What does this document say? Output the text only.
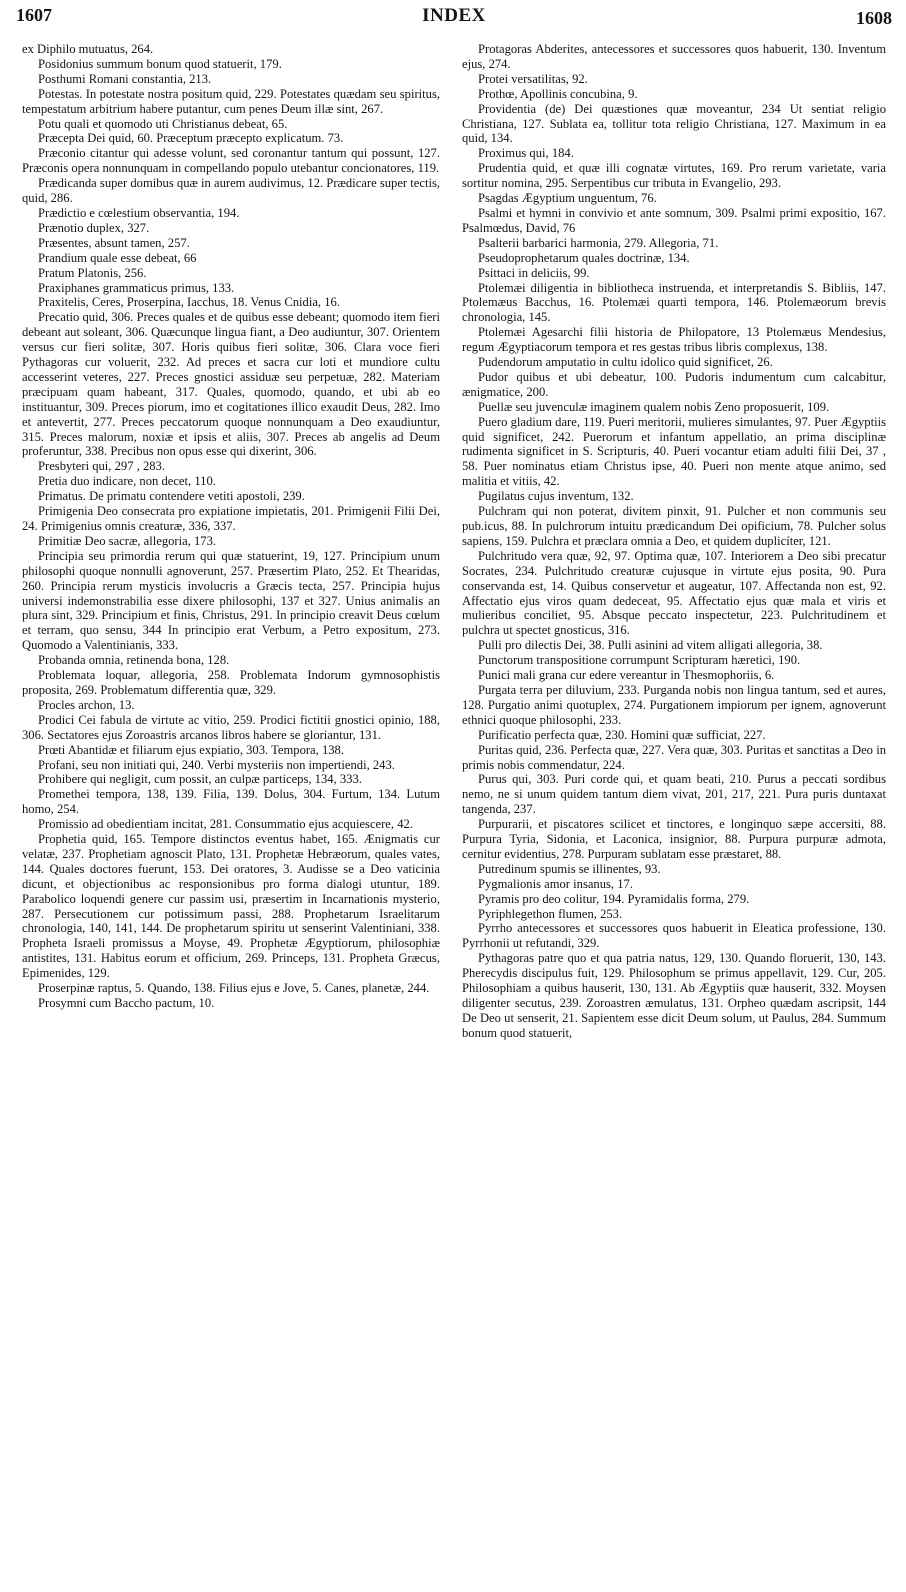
1607	INDEX	1608

ex Diphilo mutuatus, 264.

Posidonius summum bonum quod statuerit, 179.

Posthumi Romani constantia, 213.

Potestas. In potestate nostra positum quid, 229. Potestates quædam seu spiritus, tempestatum arbitrium habere putantur, cum penes Deum illæ sint, 267.

Potu quali et quomodo uti Christianus debeat, 65.

Præcepta Dei quid, 60. Præceptum præcepto explicatum. 73.

Præconio citantur qui adesse volunt, sed coronantur tantum qui possunt, 127. Præconis opera nonnunquam in compellando populo utebantur concionatores, 119.

Prædicanda super domibus quæ in aurem audivimus, 12. Prædicare super tectis, quid, 286.

Prædictio e cœlestium observantia, 194.

Prænotio duplex, 327.

Præsentes, absunt tamen, 257.

Prandium quale esse debeat, 66

Pratum Platonis, 256.

Praxiphanes grammaticus primus, 133.

Praxitelis, Ceres, Proserpina, Iacchus, 18. Venus Cnidia, 16.

Precatio quid, 306. Preces quales et de quibus esse debeant; quomodo item fieri debeant aut soleant, 306. Quæcunque lingua fiant, a Deo audiuntur, 307. Orientem versus cur fieri solitæ, 307. Horis quibus fieri solitæ, 306. Clara voce fieri Pythagoras cur voluerit, 232. Ad preces et sacra cur loti et mundiore cultu accesserint veteres, 227. Preces gnostici assiduæ seu perpetuæ, 282. Materiam præcipuam quam habeant, 317. Quales, quomodo, quando, et ubi ab eo instituantur, 309. Preces piorum, imo et cogitationes illico exaudit Deus, 282. Imo et antevertit, 277. Preces peccatorum quoque nonnunquam a Deo exaudiuntur, 315. Preces malorum, noxiæ et ipsis et aliis, 307. Preces ab angelis ad Deum proferuntur, 338. Precibus non opus esse qui dixerint, 306.

Presbyteri qui, 297 , 283.

Pretia duo indicare, non decet, 110.

Primatus. De primatu contendere vetiti apostoli, 239.

Primigenia Deo consecrata pro expiatione impietatis, 201. Primigenii Filii Dei, 24. Primigenius omnis creaturæ, 336, 337.

Primitiæ Deo sacræ, allegoria, 173.

Principia seu primordia rerum qui quæ statuerint, 19, 127. Principium unum philosophi quoque nonnulli agnoverunt, 257. Præsertim Plato, 252. Et Thearidas, 260. Principia rerum mysticis involucris a Græcis tecta, 257. Principia hujus universi indemonstrabilia esse dixere philosophi, 137 et 327. Unius animalis an plura sint, 329. Principium et finis, Christus, 291. In principio creavit Deus cœlum et terram, quo sensu, 344 In principio erat Verbum, a Petro expositum, 273. Quomodo a Valentinianis, 333.

Probanda omnia, retinenda bona, 128.

Problemata loquar, allegoria, 258. Problemata Indorum gymnosophistis proposita, 269. Problematum differentia quæ, 329.

Procles archon, 13.

Prodici Cei fabula de virtute ac vitio, 259. Prodici fictitii gnostici opinio, 188, 306. Sectatores ejus Zoroastris arcanos libros habere se gloriantur, 131.

Prœti Abantidæ et filiarum ejus expiatio, 303. Tempora, 138.

Profani, seu non initiati qui, 240. Verbi mysteriis non impertiendi, 243.

Prohibere qui negligit, cum possit, an culpæ particeps, 134, 333.

Promethei tempora, 138, 139. Filia, 139. Dolus, 304. Furtum, 134. Lutum homo, 254.

Promissio ad obedientiam incitat, 281. Consummatio ejus acquiescere, 42.

Prophetia quid, 165. Tempore distinctos eventus habet, 165. Ænigmatis cur velatæ, 237. Prophetiam agnoscit Plato, 131. Prophetæ Hebræorum, quales vates, 144. Quales doctores fuerunt, 153. Dei oratores, 3. Audisse se a Deo vaticinia dicunt, et objectionibus ac responsionibus pro forma dialogi utuntur, 189. Parabolico loquendi genere cur passim usi, præsertim in Incarnationis mysterio, 287. Persecutionem cur potissimum passi, 288. Prophetarum Israelitarum chronologia, 140, 141, 144. De prophetarum spiritu ut senserint Valentiniani, 338. Propheta Israeli promissus a Moyse, 49. Prophetæ Ægyptiorum, philosophiæ antistites, 131. Habitus eorum et officium, 269. Princeps, 131. Propheta Græcus, Epimenides, 129.

Proserpinæ raptus, 5. Quando, 138. Filius ejus e Jove, 5. Canes, planetæ, 244.

Prosymni cum Baccho pactum, 10.

Protagoras Abderites, antecessores et successores quos habuerit, 130. Inventum ejus, 274.

Protei versatilitas, 92.

Prothœ, Apollinis concubina, 9.

Providentia (de) Dei quæstiones quæ moveantur, 234 Ut sentiat religio Christiana, 127. Sublata ea, tollitur tota religio Christiana, 127. Maximum in ea quid, 134.

Proximus qui, 184.

Prudentia quid, et quæ illi cognatæ virtutes, 169. Pro rerum varietate, varia sortitur nomina, 295. Serpentibus cur tributa in Evangelio, 293.

Psagdas Ægyptium unguentum, 76.

Psalmi et hymni in convivio et ante somnum, 309. Psalmi primi expositio, 167. Psalmœdus, David, 76

Psalterii barbarici harmonia, 279. Allegoria, 71.

Pseudoprophetarum quales doctrinæ, 134.

Psittaci in deliciis, 99.

Ptolemæi diligentia in bibliotheca instruenda, et interpretandis S. Bibliis, 147. Ptolemæus Bacchus, 16. Ptolemæi quarti tempora, 146. Ptolemæorum brevis chronologia, 145.

Ptolemæi Agesarchi filii historia de Philopatore, 13 Ptolemæus Mendesius, regum Ægyptiacorum tempora et res gestas tribus libris complexus, 138.

Pudendorum amputatio in cultu idolico quid significet, 26.

Pudor quibus et ubi debeatur, 100. Pudoris indumentum cum calcabitur, ænigmatice, 200.

Puellæ seu juvenculæ imaginem qualem nobis Zeno proposuerit, 109.

Puero gladium dare, 119. Pueri meritorii, mulieres simulantes, 97. Puer Ægyptiis quid significet, 242. Puerorum et infantum appellatio, an prima disciplinæ rudimenta significet in S. Scripturis, 40. Pueri vocantur etiam adulti filii Dei, 37 , 58. Puer nominatus etiam Christus ipse, 40. Pueri non mente atque animo, sed malitia et vitiis, 42.

Pugilatus cujus inventum, 132.

Pulchram qui non poterat, divitem pinxit, 91. Pulcher et non communis seu pub.icus, 88. In pulchrorum intuitu prædicandum Dei opificium, 78. Pulcher solus sapiens, 159. Pulchra et præclara omnia a Deo, et quidem duplicíter, 121.

Pulchritudo vera quæ, 92, 97. Optima quæ, 107. Interiorem a Deo sibi precatur Socrates, 234. Pulchritudo creaturæ cujusque in virtute ejus posita, 90. Pura conservanda est, 14. Quibus conservetur et augeatur, 107. Affectanda non est, 92. Affectatio ejus viros quam dedeceat, 95. Affectatio ejus quæ mala et viris et mulieribus conciliet, 95. Absque peccato inspectetur, 223. Pulchritudinem et pulchra ut spectet gnosticus, 316.

Pulli pro dilectis Dei, 38. Pulli asinini ad vitem alligati allegoria, 38.

Punctorum transpositione corrumpunt Scripturam hæretici, 190.

Punici mali grana cur edere vereantur in Thesmophoriis, 6.

Purgata terra per diluvium, 233. Purganda nobis non lingua tantum, sed et aures, 128. Purgatio animi quotuplex, 274. Purgationem impiorum per ignem, agnoverunt ethnici quoque philosophi, 233.

Purificatio perfecta quæ, 230. Homini quæ sufficiat, 227.

Puritas quid, 236. Perfecta quæ, 227. Vera quæ, 303. Puritas et sanctitas a Deo in primis nobis commendatur, 224.

Purus qui, 303. Puri corde qui, et quam beati, 210. Purus a peccati sordibus nemo, ne si unum quidem tantum diem vivat, 201, 217, 221. Pura puris duntaxat tangenda, 237.

Purpurarii, et piscatores scilicet et tinctores, e longinquo sæpe accersiti, 88. Purpura Tyria, Sidonia, et Laconica, insignior, 88. Purpura purpuræ admota, cernitur evidentius, 278. Purpuram sublatam esse præstaret, 88.

Putredinum spumis se illinentes, 93.

Pygmalionis amor insanus, 17.

Pyramis pro deo colitur, 194. Pyramidalis forma, 279.

Pyriphlegethon flumen, 253.

Pyrrho antecessores et successores quos habuerit in Eleatica professione, 130. Pyrrhonii ut refutandi, 329.

Pythagoras patre quo et qua patria natus, 129, 130. Quando floruerit, 130, 143. Pherecydis discipulus fuit, 129. Philosophum se primus appellavit, 129. Cur, 205. Philosophiam a quibus hauserit, 130, 131. Ab Ægyptiis quæ hauserit, 332. Moysen diligenter secutus, 239. Zoroastren æmulatus, 131. Orpheo quædam ascripsit, 144 De Deo ut senserit, 21. Sapientem esse dicit Deum solum, ut Paulus, 284. Summum bonum quod statuerit,
